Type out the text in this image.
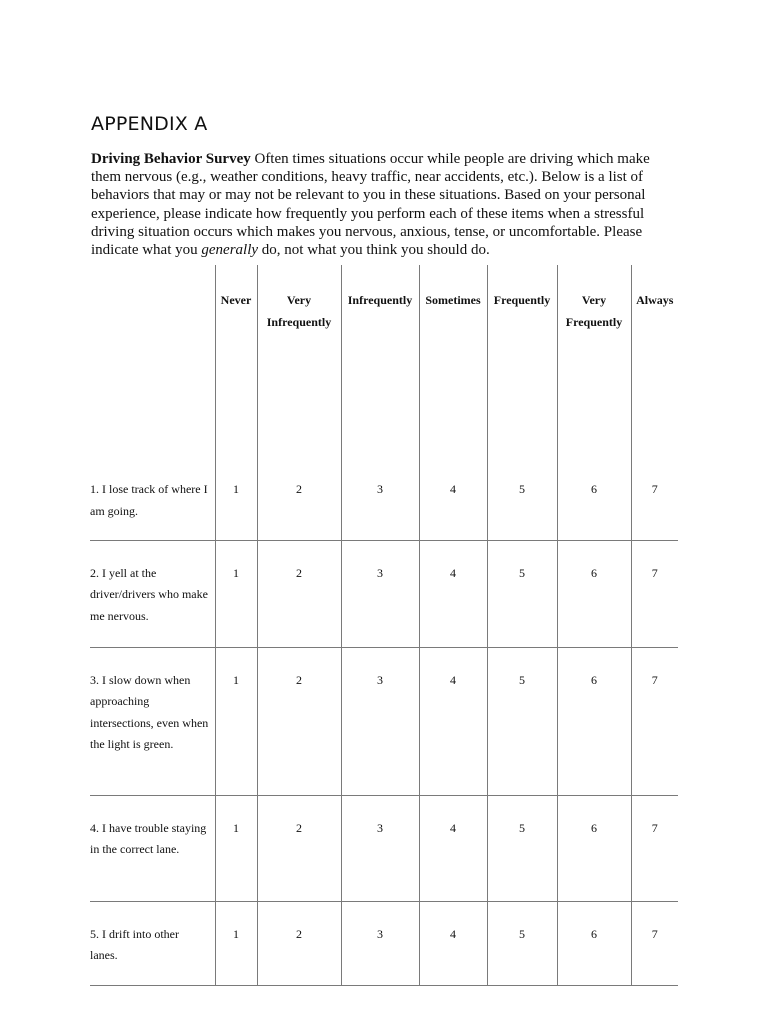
APPENDIX A

Driving Behavior Survey Often times situations occur while people are driving which make them nervous (e.g., weather conditions, heavy traffic, near accidents, etc.). Below is a list of behaviors that may or may not be relevant to you in these situations. Based on your personal experience, please indicate how frequently you perform each of these items when a stressful driving situation occurs which makes you nervous, anxious, tense, or uncomfortable. Please indicate what you generally do, not what you think you should do.

	Never	Very Infrequently	Infrequently	Sometimes	Frequently	Very Frequently	Always
1. I lose track of where I am going.	1	2	3	4	5	6	7
2. I yell at the driver/drivers who make me nervous.	1	2	3	4	5	6	7
3. I slow down when approaching intersections, even when the light is green.	1	2	3	4	5	6	7
4. I have trouble staying in the correct lane.	1	2	3	4	5	6	7
5. I drift into other lanes.	1	2	3	4	5	6	7
